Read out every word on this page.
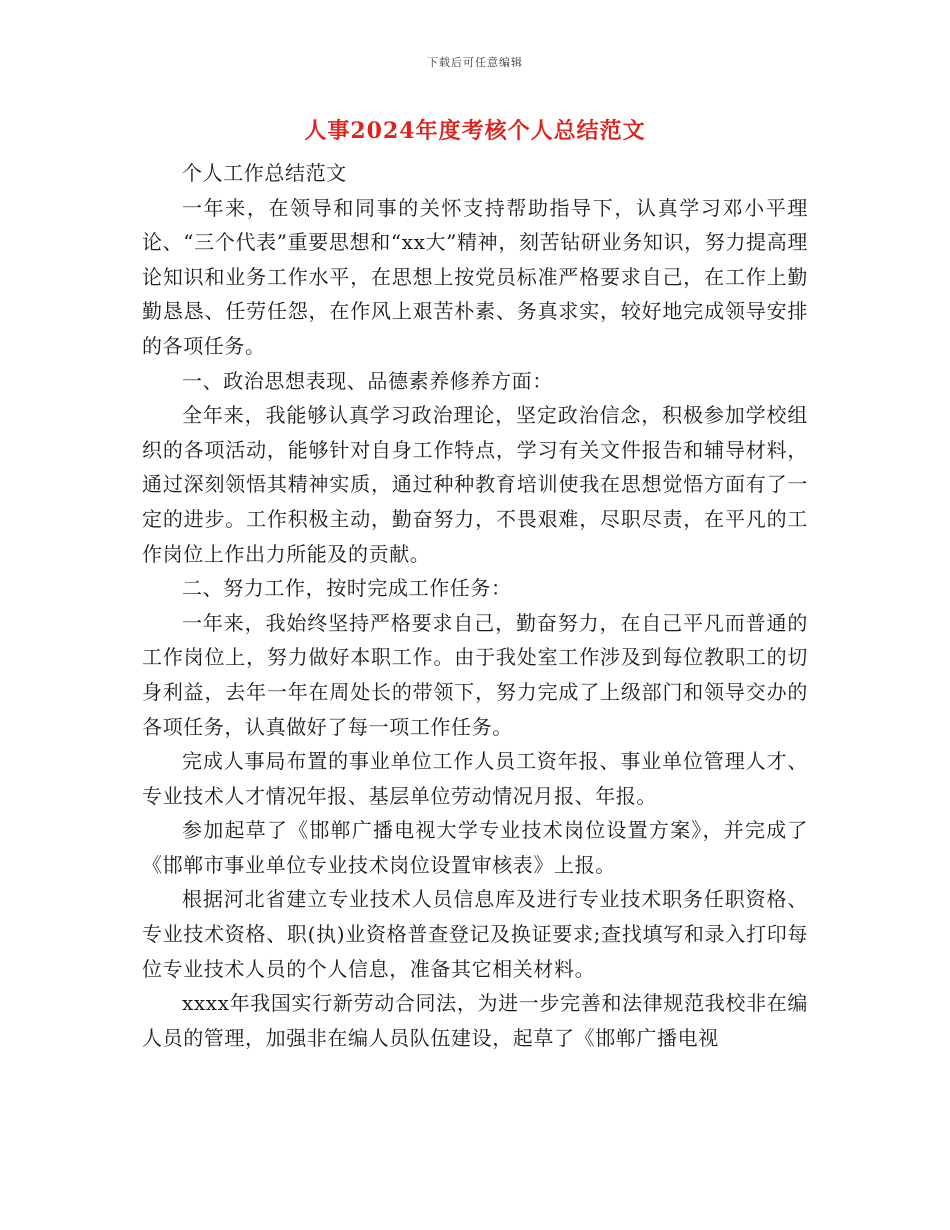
下载后可任意编辑
人事2024年度考核个人总结范文

个人工作总结范文

一年来，在领导和同事的关怀支持帮助指导下，认真学习邓小平理论、“三个代表”重要思想和“xx大”精神，刻苦钻研业务知识，努力提高理论知识和业务工作水平，在思想上按党员标准严格要求自己，在工作上勤勤恳恳、任劳任怨，在作风上艰苦朴素、务真求实，较好地完成领导安排的各项任务。

一、政治思想表现、品德素养修养方面：

全年来，我能够认真学习政治理论，坚定政治信念，积极参加学校组织的各项活动，能够针对自身工作特点，学习有关文件报告和辅导材料，通过深刻领悟其精神实质，通过种种教育培训使我在思想觉悟方面有了一定的进步。工作积极主动，勤奋努力，不畏艰难，尽职尽责，在平凡的工作岗位上作出力所能及的贡献。

二、努力工作，按时完成工作任务：

一年来，我始终坚持严格要求自己，勤奋努力，在自己平凡而普通的工作岗位上，努力做好本职工作。由于我处室工作涉及到每位教职工的切身利益，去年一年在周处长的带领下，努力完成了上级部门和领导交办的各项任务，认真做好了每一项工作任务。

完成人事局布置的事业单位工作人员工资年报、事业单位管理人才、专业技术人才情况年报、基层单位劳动情况月报、年报。

参加起草了《邯郸广播电视大学专业技术岗位设置方案》，并完成了《邯郸市事业单位专业技术岗位设置审核表》上报。

根据河北省建立专业技术人员信息库及进行专业技术职务任职资格、专业技术资格、职(执)业资格普查登记及换证要求;查找填写和录入打印每位专业技术人员的个人信息，准备其它相关材料。

xxxx年我国实行新劳动合同法，为进一步完善和法律规范我校非在编人员的管理，加强非在编人员队伍建设，起草了《邯郸广播电视
